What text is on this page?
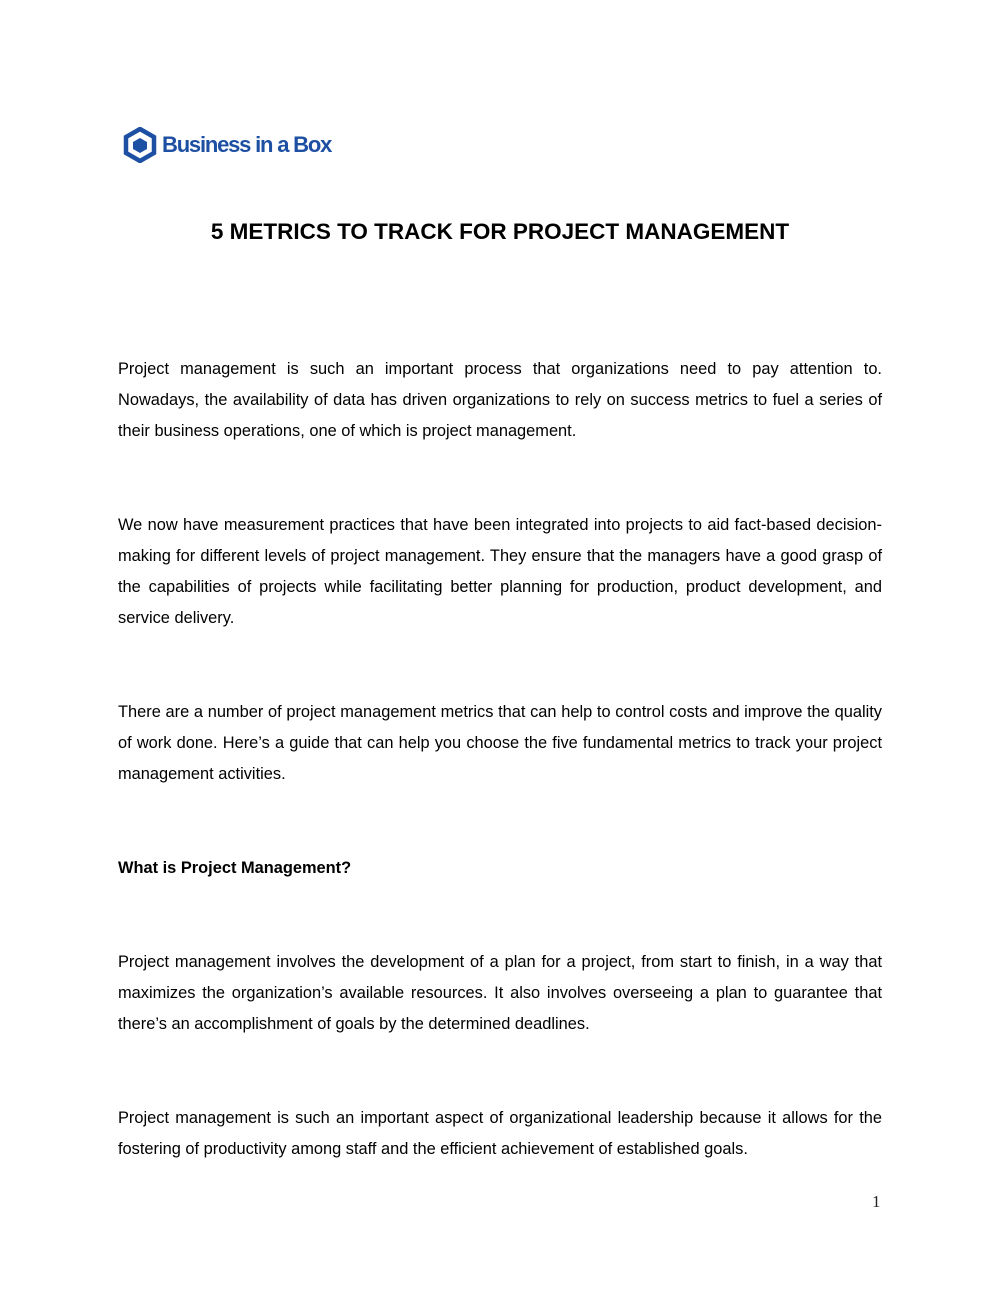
Business in a Box
5 METRICS TO TRACK FOR PROJECT MANAGEMENT
Project management is such an important process that organizations need to pay attention to. Nowadays, the availability of data has driven organizations to rely on success metrics to fuel a series of their business operations, one of which is project management.
We now have measurement practices that have been integrated into projects to aid fact-based decision-making for different levels of project management. They ensure that the managers have a good grasp of the capabilities of projects while facilitating better planning for production, product development, and service delivery.
There are a number of project management metrics that can help to control costs and improve the quality of work done. Here’s a guide that can help you choose the five fundamental metrics to track your project management activities.
What is Project Management?
Project management involves the development of a plan for a project, from start to finish, in a way that maximizes the organization’s available resources. It also involves overseeing a plan to guarantee that there’s an accomplishment of goals by the determined deadlines.
Project management is such an important aspect of organizational leadership because it allows for the fostering of productivity among staff and the efficient achievement of established goals.
1
